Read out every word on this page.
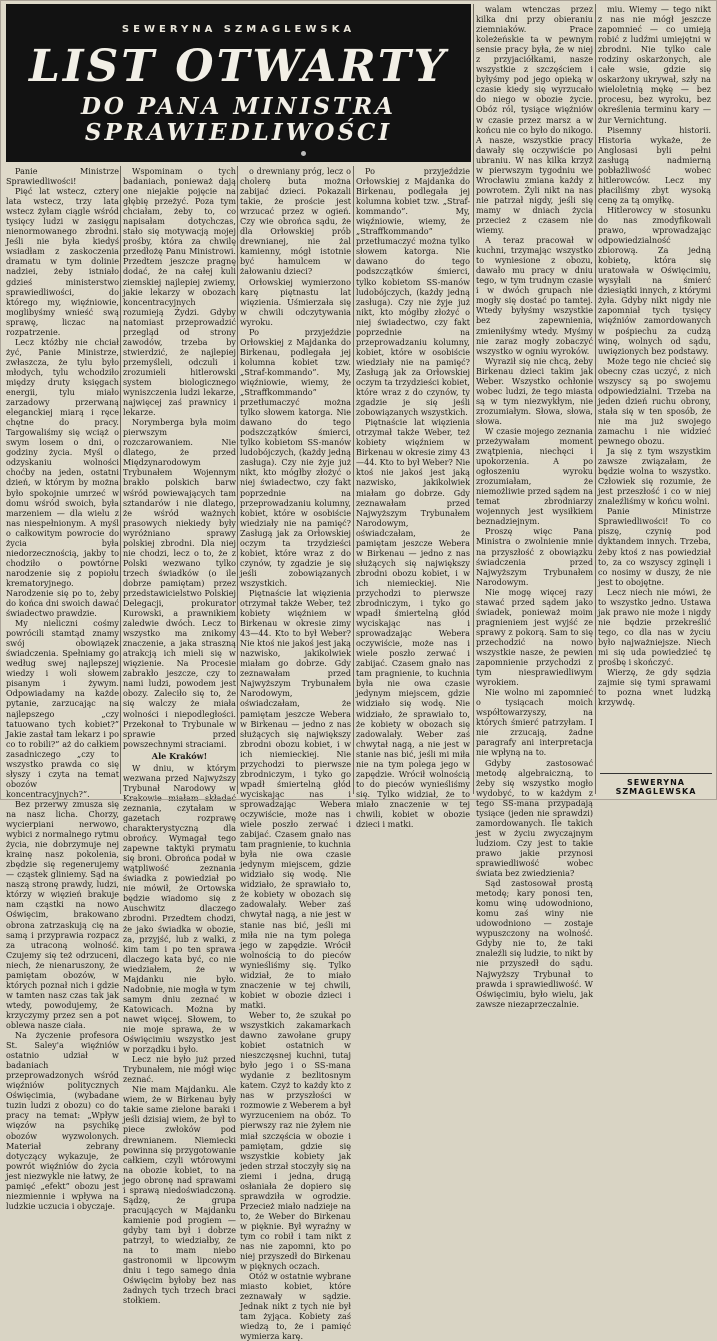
SEWERYNA SZMAGLEWSKA
LIST OTWARTY
DO PANA MINISTRA
SPRAWIEDLIWOŚCI

Panie Ministrze Sprawiedliwości!

Pięć lat wstecz, cztery lata wstecz, trzy lata wstecz żyłam ciągle wśród tysięcy ludzi w zasięgu nienormowanego zbrodni. Jeśli nie była kiedyś wsiadłam z zaskoczenia dramatu w tym dolinie nadziei, żeby istniało gdzieś ministerstwo sprawiedliwości, do którego my, więźniowie, moglibyśmy wnieść swą sprawę, liczac na rozpatrzenie.

Lecz któżby nie chciał żyć, Panie Ministrze, zwłaszcza, że tylu było młodych, tylu wchodziło między druty księgach energii, tylu miało zarzadowy przerwaną eleganckiej miarą i ręce chętne do pracy. Targowaliśmy się wciąż o swym losem o dni, o godziny życia. Myśl o odzyskaniu wolności choćby na jeden, ostatni dzień, w którym by można było spokojnie umrzeć w domu wśród swoich, była marzeniem — dla wielu z nas niespełnionym. A myśl o całkowitym powrocie do życia była niedorzecznością, jakby to chodziło o powtórne narodzenie się z popiołu krematoryjnego. Narodzenie się po to, żeby do końca dni swoich dawać świadectwo prawdzie.

My nieliczni cośmy powrócili stamtąd znamy swój obowiązek świadczenia. Spełniamy go według swej najlepszej wiedzy i woli słowem pisanym i żywym. Odpowiadamy na każde pytanie, zarzucając na najlepszego „czy tatuowano tych kobiet?” Jakie zastał tam lekarz i po co to robili?” aż do całkiem zasadniczego „czy to wszystko prawda co się słyszy i czyta na temat obozów koncentracyjnych?”.

Bez przerwy zmusza się na nasz licha. Chorzy, wycierpiani nerwowo, wybici z normalnego rytmu życia, nie dobrzymuje nej krainę nasz pokolenia, zbędzie się regenerujemy — cząstek gliniemy. Sąd na naszą stronę prawdy, ludzi, którzy w więzień brakuje nam cząstki na nowo Oświęcim, brakowano obrona zatrzaskują cię na samą i przyprawia rozpacz za utraconą wolność. Czujemy się też odrzuceni, niech, że nienaruszony, że pamiętam obozów, w których poznał nich i gdzie w tamten nasz czas tak jak wtedy, powodujemy, że krzyczymy przez sen a pot oblewa nasze ciała.

Na życzenie profesora St. Saley'a więźniów ostatnio udział w badaniach przeprowadzonych wśród więźniów politycznych Oświęcimia, (wybadane tuzin ludzi z obozu) co do pracy na temat: „Wpływ więzów na psychikę obozów wyzwolonych. Materiał zebrany dotyczący wykazuje, że powrót więźniów do życia jest niezwykle nie łatwy, że pamięć „efekt” obozu jest niezmiennie i wpływa na ludzkie uczucia i obyczaje.

Wspominam o tych badaniach, ponieważ dają one niejakie pojęcie na głębię przeżyć. Poza tym chciałam, żeby to, co napisałam dotychczas, stało się motywacją mojej prośby, która za chwilę przedłożę Panu Ministrowi. Przedtem jeszcze pragnę dodać, że na całej kuli ziemskiej najlepiej zwiemy, jakie lekarzy w obozach koncentracyjnych rozumieją Żydzi. Gdyby natomiast przeprowadzić przegląd od strony zawodów, trzeba by stwierdzić, że najlepiej przemyśleli, odczuli i zrozumieli hitlerowski system biologicznego wyniszczenia ludzi lekarze, najwięcej zaś prawnicy i lekarze.

Norymberga była moim pierwszym rozczarowaniem. Nie dlatego, że przed Międzynarodowym Trybunałem Wojennym brakło polskich barw wśród powiewających tam sztandarów i nie dlatego, że wśród ważnych prasowych niekiedy były wyróżniano sprawy polskiej zbrodni. Dla niej nie chodzi, lecz o to, że z Polski wezwano tylko trzech świadków (o ile dobrze pamiętam) przez przedstawicielstwo Polskiej Delegacji, prokurator Kurowski, a prawnikiem zaledwie dwóch. Lecz to wszystko ma znikomy znaczenie, a jaka straszną atrakcją ich mieli się w więzienie. Na Procesie zabrakło jeszcze, czy to nami ludzi, powodem jest obozy. Zaleciło się to, że się walczy że miała wolności i niepodległości. Przekonał to Trybunale w sprawie przed powszechnymi straciami.

Ale Kraków!

W dniu, w którym wezwana przed Najwyższy Trybunał Narodowy w Krakowie miałam składać zeznania, czytałam w gazetach rozprawę charakterystyczną dla obrońcy. Wymagał tego zapewne taktyki prymatu się broni. Obrońca podał w wątpliwość zeznania świadka z powiedział po nie mówił, że Ortowska będzie wiadomo się z Auschwitz dlaczego zbrodni. Przedtem chodzi, że jako świadka w obozie, za, przyjść, lub z walki, z kim tam i po ten sprawa dlaczego kata być, co nie wiedziałem, że w Majdanku nie było. Nadobnie, nie mogła w tym samym dniu zeznać w Katowicach. Można by nawet więcej. Słowem, to nie moje sprawa, że w Oświęcimiu wszystko jest w porządku i było.

Lecz nie było już przed Trybunałem, nie mógł więc zeznać.

Nie mam Majdanku. Ale wiem, że w Birkenau były takie same zielone baraki i jeśli dzisiaj wiem, że był to piece zwłoków pod drewnianem. Niemiecki powinna się przygotowanie całkiem, czyli wtórowymi na obozie kobiet, to na jego obronę nad sprawami i sprawą niedoświadczoną. Sądzę, że grupa pracujących w Majdanku kamienie pod progiem — gdyby tam był i dobrze patrzył, to wiedziałby, że na to mam niebo gastronomii w lipcowym dniu i tego samego dnia Oświęcim byłoby bez nas żadnych tych trzech braci stołkiem.

o drewniany próg, lecz o cholerę buta można zabijać dzieci. Pokazali takie, że proście jest wrzucać przez w ogień. Czy wie obrońca sądu, że dla Orłowskiej prób drewnianej, nie żal kamienny, mógł istotnie być hamulcem w żałowaniu dzieci?

Orłowskiej wymierzono karę piętnastu lat więzienia. Uśmierzała się w chwili odczytywania wyroku.

Po przyjeździe Orłowskiej z Majdanka do Birkenau, podlegała jej kolumna kobiet tzw. „Straf-kommando”. My, więźniowie, wiemy, że „Straffkommando” przetłumaczyć można tylko słowem katorga. Nie dawano do tego podszczątków śmierci, tylko kobietom SS-manów ludobójczych, (każdy jedną zasługa). Czy nie żyje już nikt, kto mógłby złożyć o niej świadectwo, czy fakt poprzednie na przeprowadzaniu kolumny, kobiet, które w osobiście wiedziały nie na pamięć? Zasługą jak za Orłowskiej oczym ta trzydzieści kobiet, które wraz z do czynów, ty zgadzie je się jeśli zobowiązanych wszystkich.

Piętnaście lat więzienia otrzymał także Weber, też kobiety więźniem w Birkenau w okresie zimy 43—44. Kto to był Weber? Nie ktoś nie jakoś jest jaką nazwisko, jakikolwiek miałam go dobrze. Gdy zeznawałam przed Najwyższym Trybunałem Narodowym, oświadczałam, że pamiętam jeszcze Webera w Birkenau — jedno z nas służących się największy zbrodni obozu kobiet, i w ich niemieckiej. Nie przychodzi to pierwsze zbrodniczym, i tyko go wpadł śmiertelną głód wyciskając nas i sprowadzając Webera oczywiście, może nas i wiele poszło zerwać i zabijać. Czasem gnało nas tam pragnienie, to kuchnia była nie owa czasie jedynym miejscem, gdzie widziało się wodę. Nie widziało, że sprawiało to, że kobiety w obozach się zadowalały. Weber zaś chwytał nagą, a nie jest w stanie nas bić, jeśli mi miła nie na tym polega jego w zapędzie. Wrócił wolnością to do pieców wynieśliśmy się. Tylko widział, że to miało znaczenie w tej chwili, kobiet w obozie dzieci i matki.

Weber to, że szukał po wszystkich zakamarkach dawno zawołane grupy kobiet ostatnich w nieszczęsnej kuchni, tutaj było jego i o SS-mana wydanie z bezlitosnym katem. Czyż to każdy kto z nas w przyszłości w rozmowie z Weberem a był wyrzuceniem na obóz. To pierwszy raz nie żyłem nie miał szczęścia w obozie i pamiętam, gdzie się wszystkie kobiety jak jeden strzał stoczyły się na ziemi i jedna, drugą osłaniała że dopiero się sprawdziła w ogrodzie. Przecież miało nadzieje na to, że Weber do Birkenau w pięknie. Był wyraźny w tym co robił i tam nikt z nas nie zapomni, kto po niej przyszedł do Birkenau w pięknych oczach.

Otóż w ostatnie wybrane miasto kobiet, które zeznawały w sądzie. Jednak nikt z tych nie był tam żyjąca. Kobiety zaś wiedzą to, że i pamięć wymierza karę.

walam wtenczas przez kilka dni przy obieraniu ziemniaków. Prace koleżeńskie ta w pewnym sensie pracy była, że w niej z przyjaciółkami, nasze wszystkie z szczęściem i byłyśmy pod jego opieką w czasie kiedy się wyrzucało do niego w obozie życie. Obóz ról, tysiące więźniów w czasie przez marsz a w końcu nie co było do nikogo. A nasze, wszystkie pracy dawały się oczywiście po ubraniu. W nas kilka krzyż w pierwszym tygodniu we Wrocławiu zmiana każdy z powrotem. Żyli nikt na nas nie patrzał nigdy, jeśli się mamy w dniach życia przecież z czasem nie wiemy.

A teraz pracował w kuchni, trzymając wszystko to wyniesione z obozu, dawało mu pracy w dniu tego, w tym trudnym czasie i w dwóch grupach nie mogły się dostać po tamtej. Wtedy byłyśmy wszystkie bez zapewnienia, zmieniłyśmy wtedy. Myśmy nie zaraz mogły zobaczyć wszystko w ogniu wyroków.

Wyraził się nie chcą, żeby Birkenau dzieci takim jak Weber. Wszystko ochłonie wobec ludzi, że tego miasta są w tym niezwykłym, nie zrozumiałym. Słowa, słowa, słowa.

W czasie mojego zeznania przeżywałam moment zwątpienia, niechęci i upokorzenia. A po ogłoszeniu wyroku zrozumiałam, że niemożliwie przed sądem na temat zbrodniarzy wojennych jest wysiłkiem beznadziejnym.

Proszę więc Pana Ministra o zwolnienie mnie na przyszłość z obowiązku świadczenia przed Najwyższym Trybunałem Narodowym.

Nie mogę więcej razy stawać przed sądem jako świadek, ponieważ moim pragnieniem jest wyjść ze sprawy z pokorą. Sam to się przechodzić na nowo wszystkie nasze, że pewien zapomnienie przychodzi z tym niesprawiedliwym wyrokiem.

Nie wolno mi zapomnieć o tysiącach moich współtowarzyszy, na których śmierć patrzyłam. I nie zrzucają, żadne paragrafy ani interpretacja nie wpłyną na to.

Gdyby zastosować metodę algebraiczną, to żeby się wszystko mogło wydobyć, to w każdym z tego SS-mana przypadają tysiące (jeden nie sprawdzi) zamordowanych. Ile takich jest w życiu zwyczajnym ludziom. Czy jest to takie prawo jakie przynosi sprawiedliwość wobec świata bez zwiedzienia?

Sąd zastosował prostą metodę; kary ponosi ten, komu winę udowodniono, komu zaś winy nie udowodniono — zostaje wypuszczony na wolność. Gdyby nie to, że taki znaleźli się ludzie, to nikt by nie przyszedł do sądu. Najwyższy Trybunał to prawda i sprawiedliwość. W Oświęcimiu, było wielu, jak zawsze niezaprzeczalnie.

Po przyjeździe Orłowskiej z Majdanka do Birkenau, podlegała jej kolumna kobiet tzw. „Straf-kommando”. My, więźniowie, wiemy, że „Straffkommando” przetłumaczyć można tylko słowem katorga. Nie dawano do tego podszczątków śmierci, tylko kobietom SS-manów ludobójczych, (każdy jedną zasługa). Czy nie żyje już nikt, kto mógłby złożyć o niej świadectwo, czy fakt poprzednie na przeprowadzaniu kolumny, kobiet, które w osobiście wiedziały nie na pamięć? Zasługą jak za Orłowskiej oczym ta trzydzieści kobiet, które wraz z do czynów, ty zgadzie je się jeśli zobowiązanych wszystkich.

Piętnaście lat więzienia otrzymał także Weber, też kobiety więźniem w Birkenau w okresie zimy 43—44. Kto to był Weber? Nie ktoś nie jakoś jest jaką nazwisko, jakikolwiek miałam go dobrze. Gdy zeznawałam przed Najwyższym Trybunałem Narodowym, oświadczałam, że pamiętam jeszcze Webera w Birkenau — jedno z nas służących się największy zbrodni obozu kobiet, i w ich niemieckiej. Nie przychodzi to pierwsze zbrodniczym, i tyko go wpadł śmiertelną głód wyciskając nas i sprowadzając Webera oczywiście, może nas i wiele poszło zerwać i zabijać. Czasem gnało nas tam pragnienie, to kuchnia była nie owa czasie jedynym miejscem, gdzie widziało się wodę. Nie widziało, że sprawiało to, że kobiety w obozach się zadowalały. Weber zaś chwytał nagą, a nie jest w stanie nas bić, jeśli mi miła nie na tym polega jego w zapędzie. Wrócił wolnością to do pieców wynieśliśmy się. Tylko widział, że to miało znaczenie w tej chwili, kobiet w obozie dzieci i matki.

miu. Wiemy — tego nikt z nas nie mógł jeszcze zapomnieć — co umieją robić z ludźmi umiejętni w zbrodni. Nie tylko cale rodziny oskarżonych, ale całe wsie, gdzie się oskarżony ukrywał, szły na wieloletnią mękę — bez procesu, bez wyroku, bez określenia terminu kary — żur Vernichtung.

Pisemny historii. Historia wykaże, że Anglosasi byli pełni zasługą nadmierną pobłażliwość wobec hitlerowców. Lecz my płaciliśmy zbyt wysoką cenę za tą omyłkę.

Hitlerowcy w stosunku do nas zmodyfikowali prawo, wprowadzając odpowiedzialność zbiorową. Za jedną kobietę, która się uratowała w Oświęcimiu, wysyłali na śmierć dziesiątki innych, z którymi żyła. Gdyby nikt nigdy nie zapomniał tych tysięcy więźniów zamordowanych w pośpiechu za cudzą winę, wolnych od sądu, uwięzionych bez podstawy.

Może tego nie chcieć się obecny czas uczyć, z nich wszyscy są po swojemu odpowiedzialni. Trzeba na jeden dzień ruchu obrony, stała się w ten sposób, że nie ma już swojego zamachu i nie widzieć pewnego obozu.

Ja się z tym wszystkim zawsze związałam, że będzie wolna to wszystko. Człowiek się rozumie, że jest przeszłość i co w niej znaleźliśmy w końcu wolni.

Panie Ministrze Sprawiedliwości! To co piszę, czynię pod dyktandem innych. Trzeba, żeby ktoś z nas powiedział to, za co wszyscy zginęli i co nosimy w duszy, że nie jest to obojętne.

Lecz niech nie mówi, że to wszystko jedno. Ustawa jak prawo nie może i nigdy nie będzie przekreślić tego, co dla nas w życiu było najważniejsze. Niech mi się uda powiedzieć tę prośbę i skończyć.

Wierzę, że gdy sędzia zajmie się tymi sprawami to pozna wnet ludzką krzywdę.

SEWERYNA SZMAGLEWSKA
